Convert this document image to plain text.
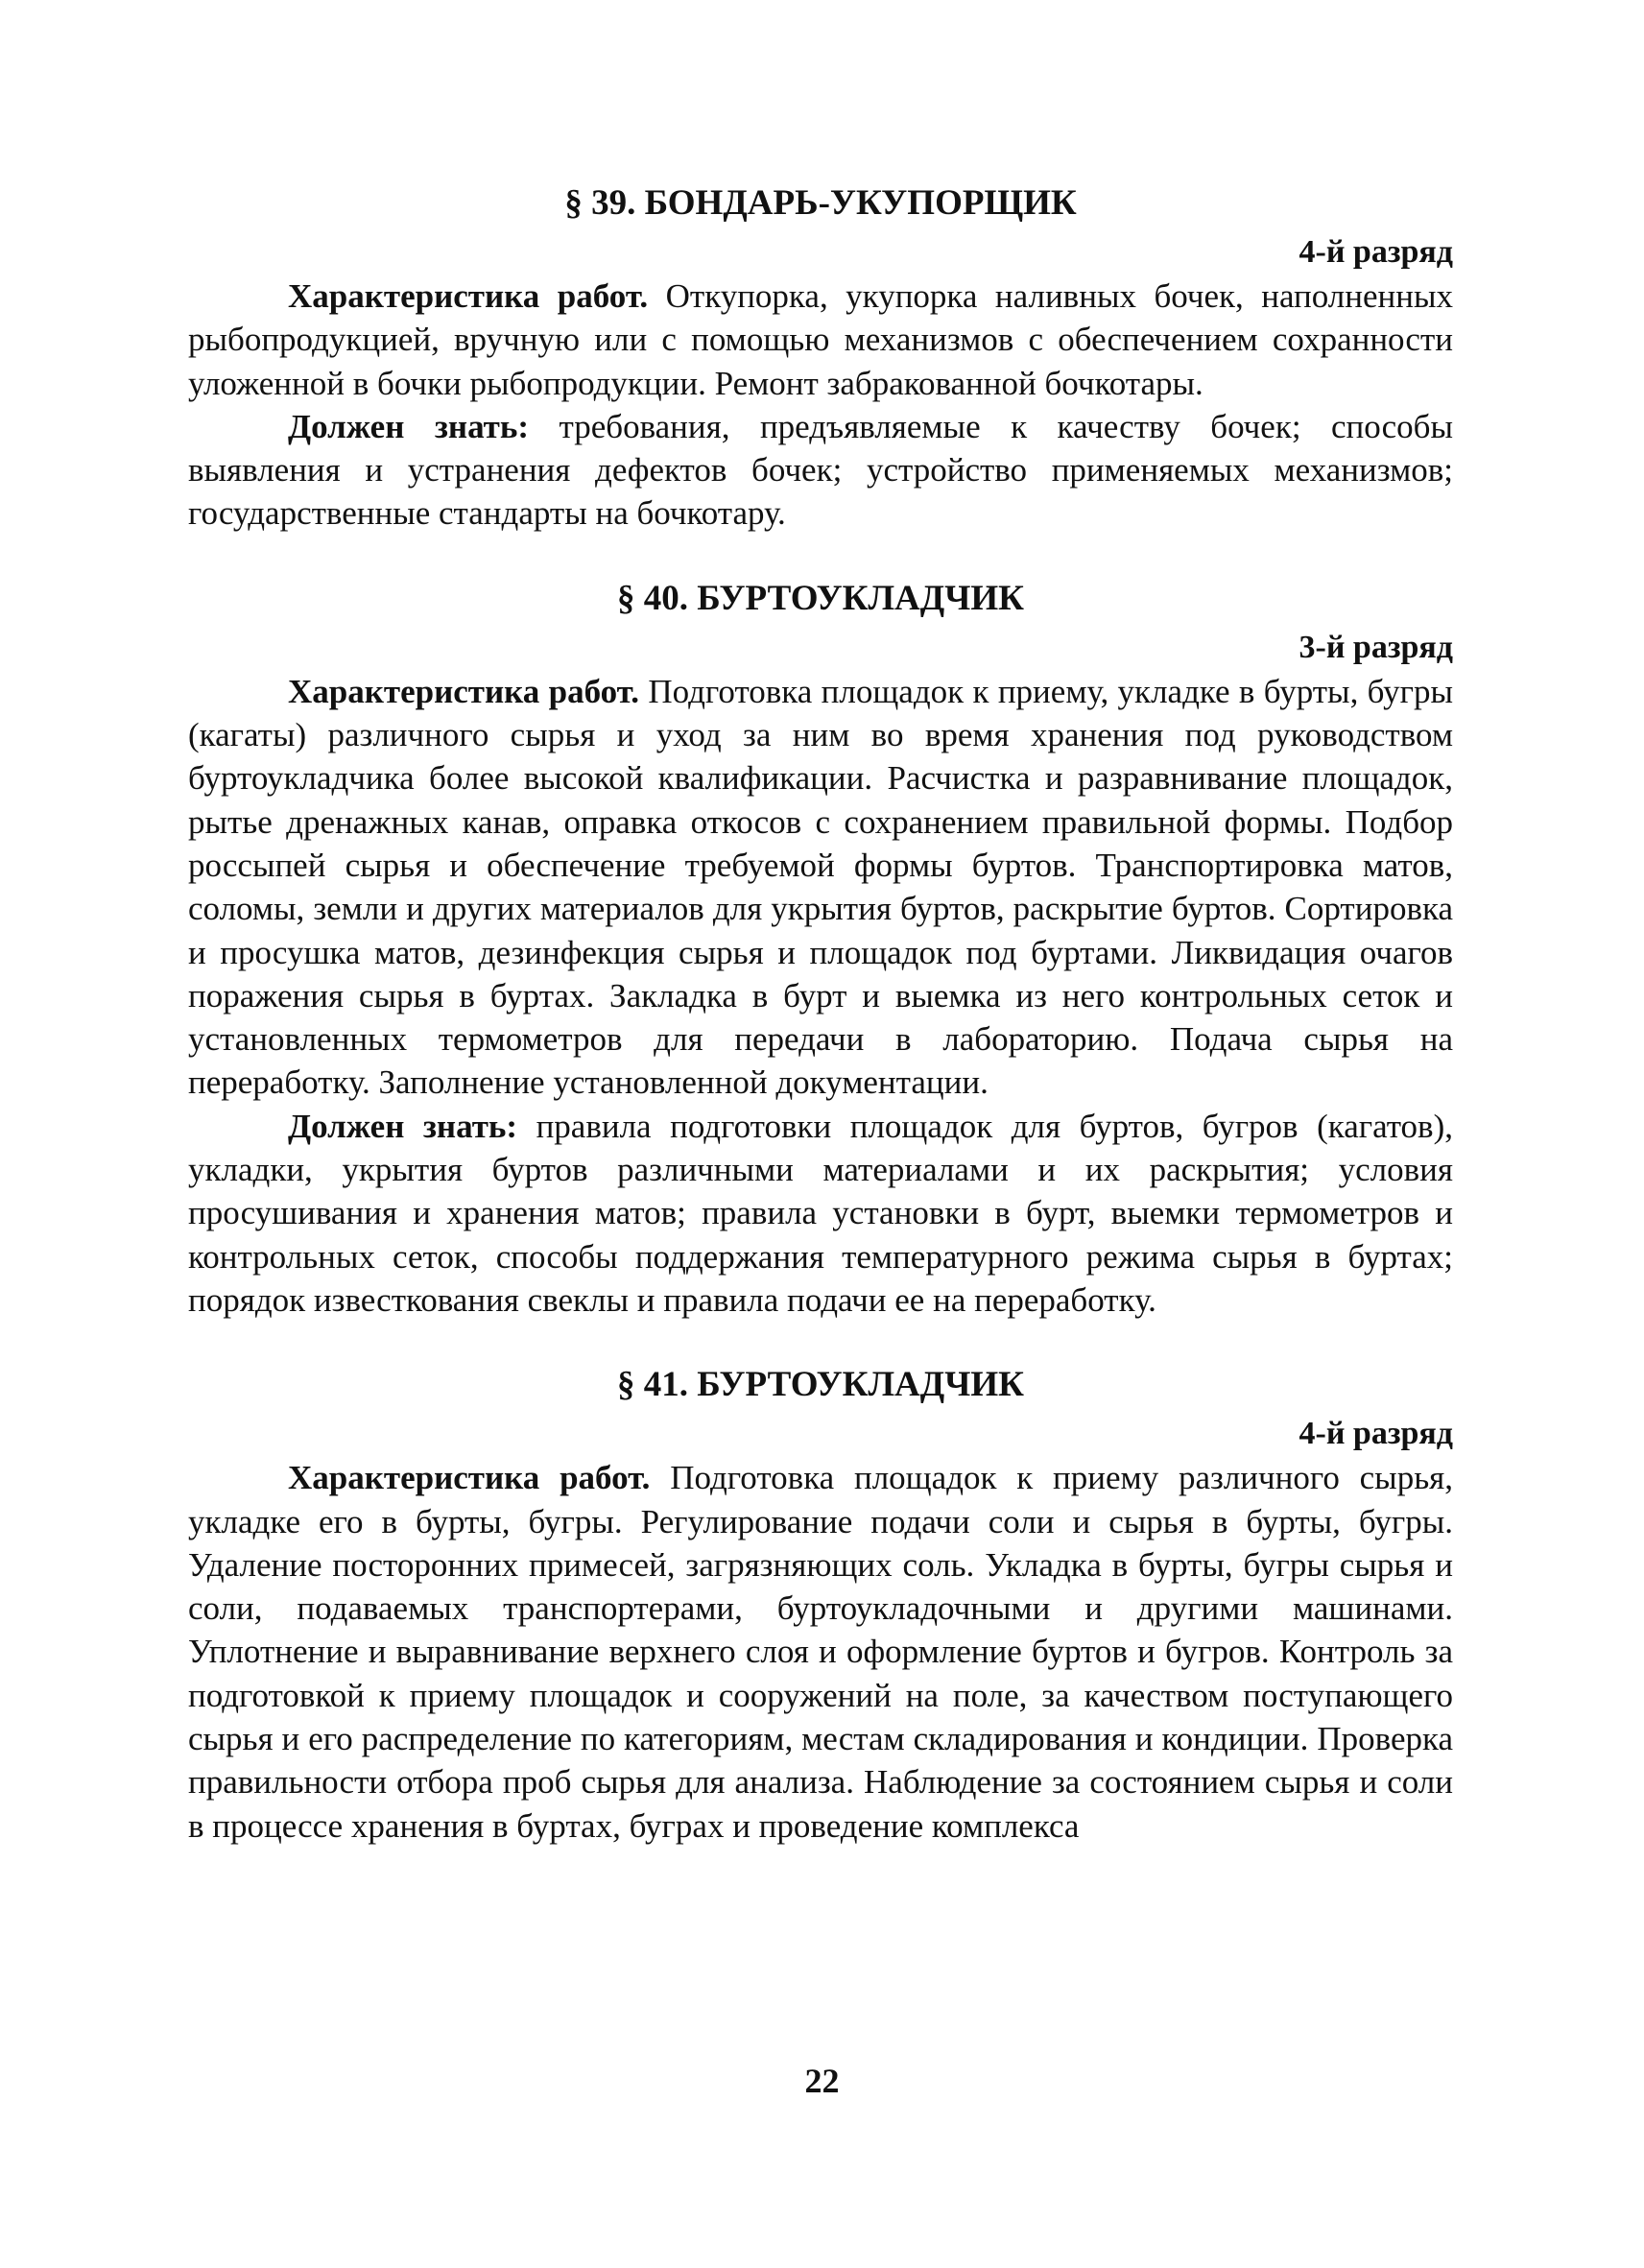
§ 39. БОНДАРЬ-УКУПОРЩИК
4-й разряд

Характеристика работ. Откупорка, укупорка наливных бочек, наполненных рыбопродукцией, вручную или с помощью механизмов с обеспечением сохранности уложенной в бочки рыбопродукции. Ремонт забракованной бочкотары.

Должен знать: требования, предъявляемые к качеству бочек; способы выявления и устранения дефектов бочек; устройство применяемых механизмов; государственные стандарты на бочкотару.

§ 40. БУРТОУКЛАДЧИК
3-й разряд

Характеристика работ. Подготовка площадок к приему, укладке в бурты, бугры (кагаты) различного сырья и уход за ним во время хранения под руководством буртоукладчика более высокой квалификации. Расчистка и разравнивание площадок, рытье дренажных канав, оправка откосов с сохранением правильной формы. Подбор россыпей сырья и обеспечение требуемой формы буртов. Транспортировка матов, соломы, земли и других материалов для укрытия буртов, раскрытие буртов. Сортировка и просушка матов, дезинфекция сырья и площадок под буртами. Ликвидация очагов поражения сырья в буртах. Закладка в бурт и выемка из него контрольных сеток и установленных термометров для передачи в лабораторию. Подача сырья на переработку. Заполнение установленной документации.

Должен знать: правила подготовки площадок для буртов, бугров (кагатов), укладки, укрытия буртов различными материалами и их раскрытия; условия просушивания и хранения матов; правила установки в бурт, выемки термометров и контрольных сеток, способы поддержания температурного режима сырья в буртах; порядок известкования свеклы и правила подачи ее на переработку.

§ 41. БУРТОУКЛАДЧИК
4-й разряд

Характеристика работ. Подготовка площадок к приему различного сырья, укладке его в бурты, бугры. Регулирование подачи соли и сырья в бурты, бугры. Удаление посторонних примесей, загрязняющих соль. Укладка в бурты, бугры сырья и соли, подаваемых транспортерами, буртоукладочными и другими машинами. Уплотнение и выравнивание верхнего слоя и оформление буртов и бугров. Контроль за подготовкой к приему площадок и сооружений на поле, за качеством поступающего сырья и его распределение по категориям, местам складирования и кондиции. Проверка правильности отбора проб сырья для анализа. Наблюдение за состоянием сырья и соли в процессе хранения в буртах, буграх и проведение комплекса

22
